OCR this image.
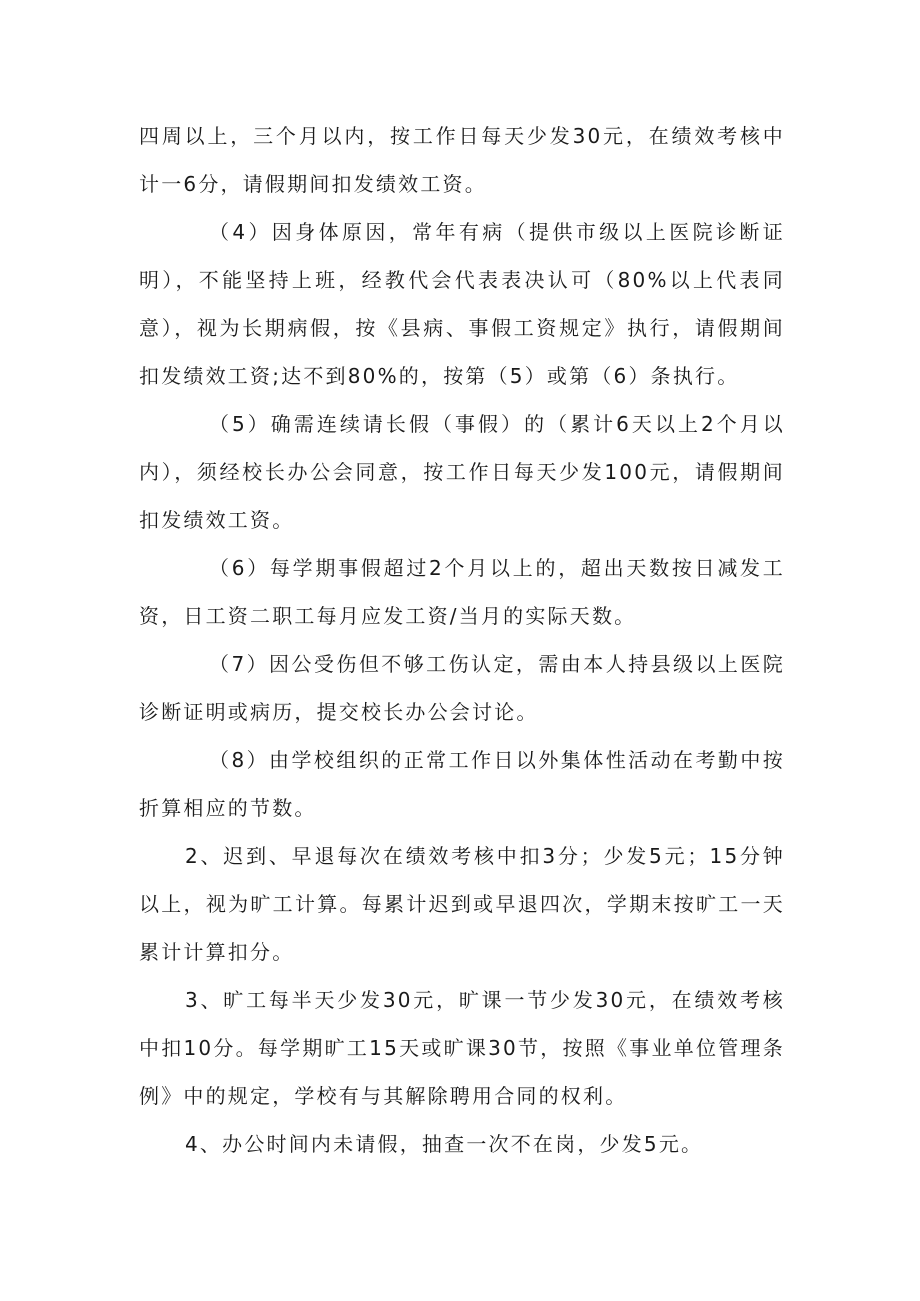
四周以上，三个月以内，按工作日每天少发30元，在绩效考核中计一6分，请假期间扣发绩效工资。

（4）因身体原因，常年有病（提供市级以上医院诊断证明），不能坚持上班，经教代会代表表决认可（80%以上代表同意），视为长期病假，按《县病、事假工资规定》执行，请假期间扣发绩效工资;达不到80%的，按第（5）或第（6）条执行。

（5）确需连续请长假（事假）的（累计6天以上2个月以内），须经校长办公会同意，按工作日每天少发100元，请假期间扣发绩效工资。

（6）每学期事假超过2个月以上的，超出天数按日减发工资，日工资二职工每月应发工资/当月的实际天数。

（7）因公受伤但不够工伤认定，需由本人持县级以上医院诊断证明或病历，提交校长办公会讨论。

（8）由学校组织的正常工作日以外集体性活动在考勤中按折算相应的节数。

2、迟到、早退每次在绩效考核中扣3分；少发5元；15分钟以上，视为旷工计算。每累计迟到或早退四次，学期末按旷工一天累计计算扣分。

3、旷工每半天少发30元，旷课一节少发30元，在绩效考核中扣10分。每学期旷工15天或旷课30节，按照《事业单位管理条例》中的规定，学校有与其解除聘用合同的权利。

4、办公时间内未请假，抽查一次不在岗，少发5元。
